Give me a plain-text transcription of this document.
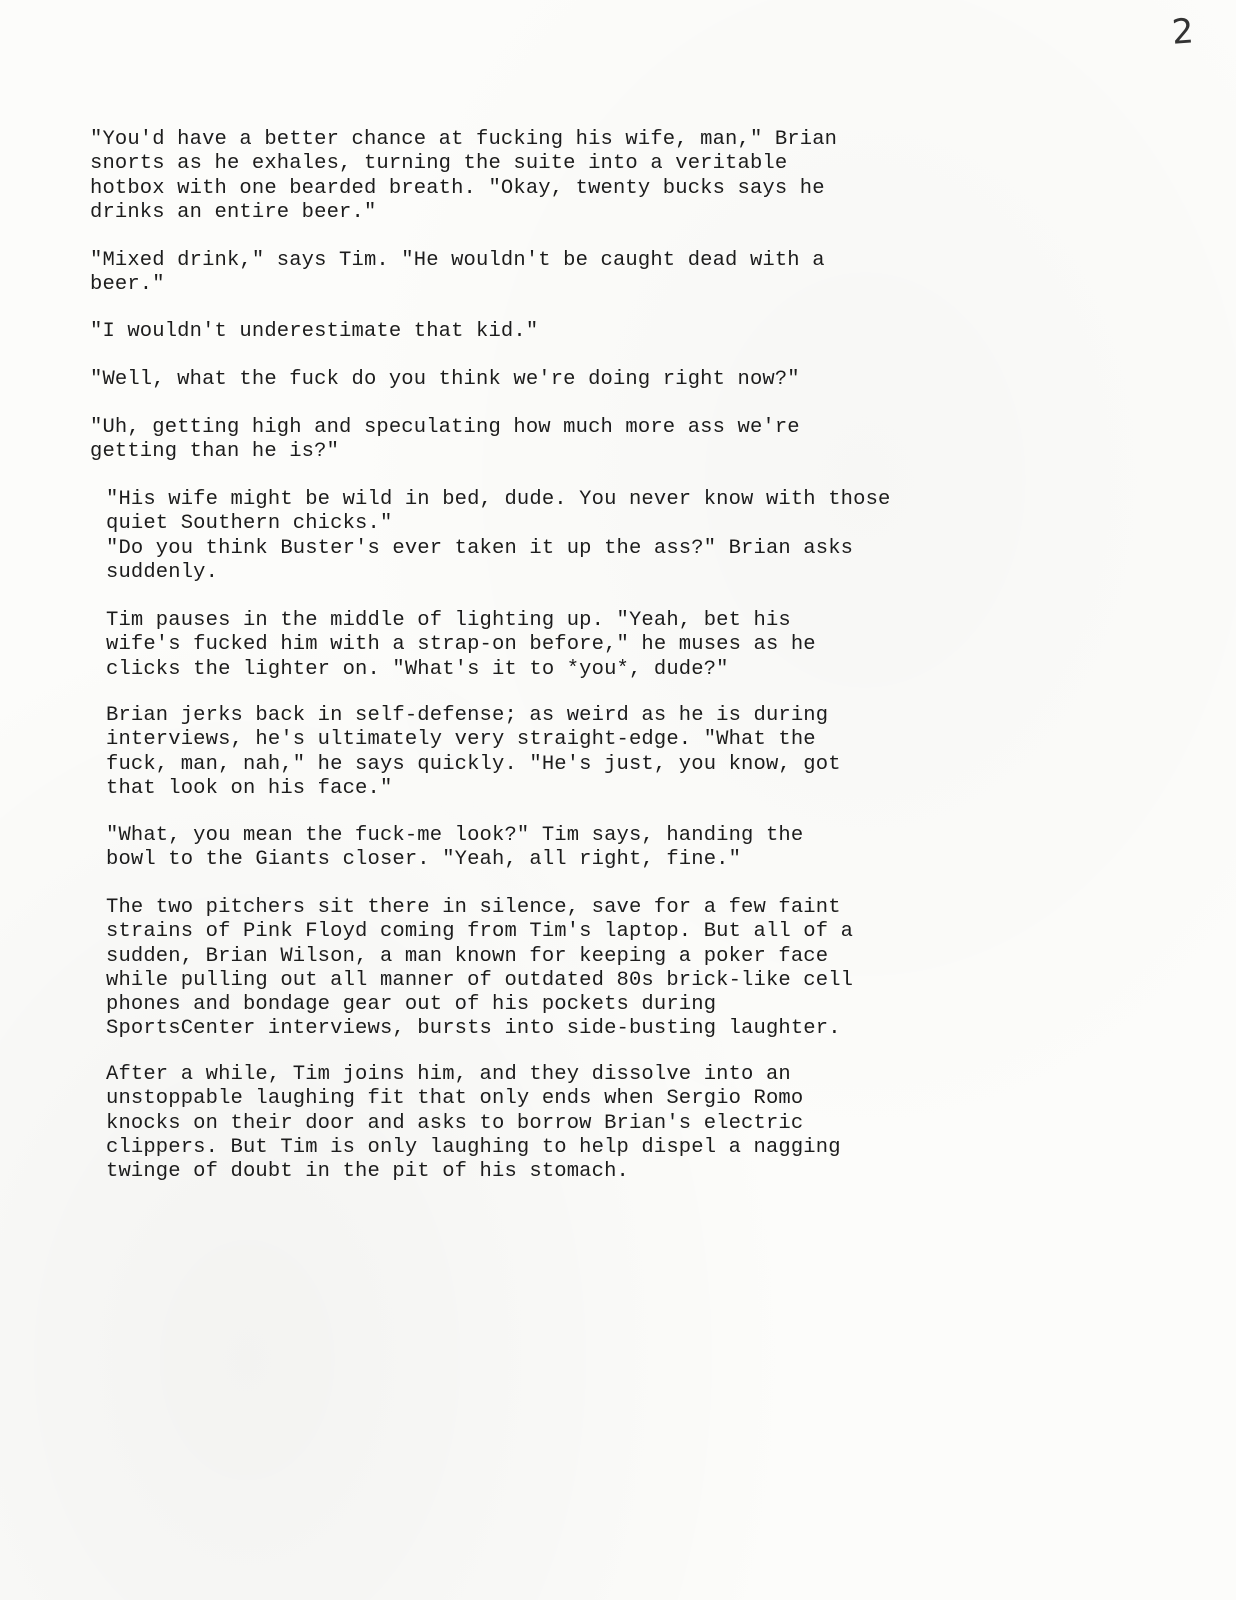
2

"You'd have a better chance at fucking his wife, man," Brian
snorts as he exhales, turning the suite into a veritable
hotbox with one bearded breath. "Okay, twenty bucks says he
drinks an entire beer."

"Mixed drink," says Tim. "He wouldn't be caught dead with a
beer."

"I wouldn't underestimate that kid."

"Well, what the fuck do you think we're doing right now?"

"Uh, getting high and speculating how much more ass we're
getting than he is?"

"His wife might be wild in bed, dude. You never know with those
quiet Southern chicks."

"Do you think Buster's ever taken it up the ass?" Brian asks
suddenly.

Tim pauses in the middle of lighting up. "Yeah, bet his
wife's fucked him with a strap-on before," he muses as he
clicks the lighter on. "What's it to *you*, dude?"

Brian jerks back in self-defense; as weird as he is during
interviews, he's ultimately very straight-edge. "What the
fuck, man, nah," he says quickly. "He's just, you know, got
that look on his face."

"What, you mean the fuck-me look?" Tim says, handing the
bowl to the Giants closer. "Yeah, all right, fine."

The two pitchers sit there in silence, save for a few faint
strains of Pink Floyd coming from Tim's laptop. But all of a
sudden, Brian Wilson, a man known for keeping a poker face
while pulling out all manner of outdated 80s brick-like cell
phones and bondage gear out of his pockets during
SportsCenter interviews, bursts into side-busting laughter.

After a while, Tim joins him, and they dissolve into an
unstoppable laughing fit that only ends when Sergio Romo
knocks on their door and asks to borrow Brian's electric
clippers. But Tim is only laughing to help dispel a nagging
twinge of doubt in the pit of his stomach.
